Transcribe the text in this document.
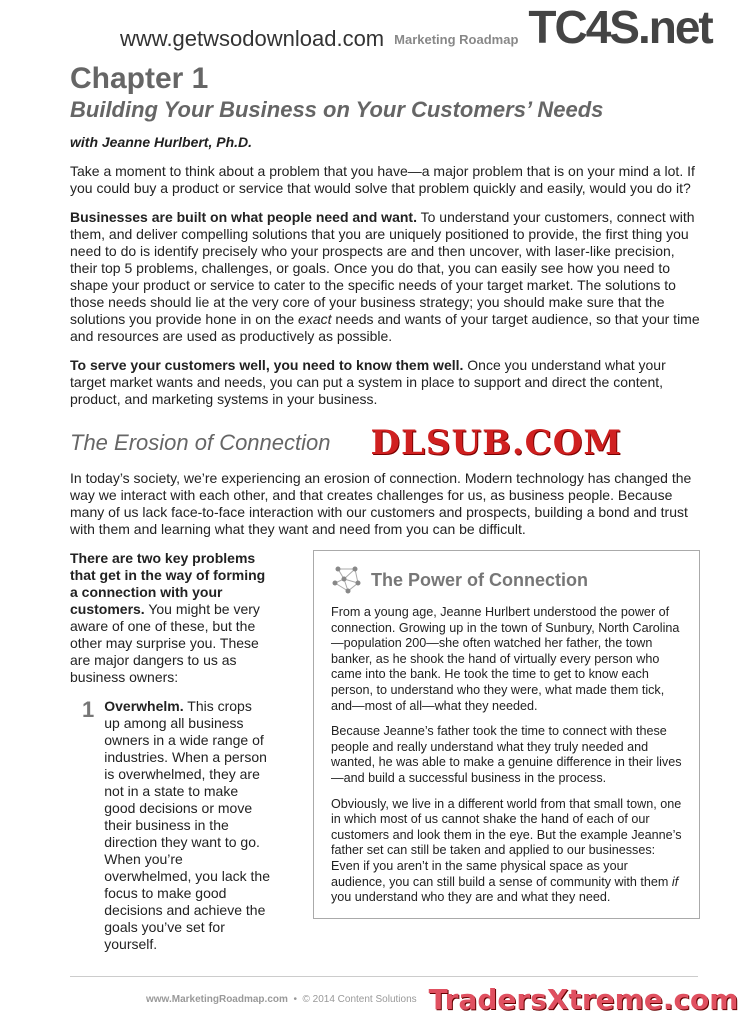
www.getwsodownload.com Marketing Roadmap TC4S.net
Chapter 1
Building Your Business on Your Customers’ Needs
with Jeanne Hurlbert, Ph.D.

Take a moment to think about a problem that you have—a major problem that is on your mind a lot. If you could buy a product or service that would solve that problem quickly and easily, would you do it?

Businesses are built on what people need and want. To understand your customers, connect with them, and deliver compelling solutions that you are uniquely positioned to provide, the first thing you need to do is identify precisely who your prospects are and then uncover, with laser-like precision, their top 5 problems, challenges, or goals. Once you do that, you can easily see how you need to shape your product or service to cater to the specific needs of your target market. The solutions to those needs should lie at the very core of your business strategy; you should make sure that the solutions you provide hone in on the exact needs and wants of your target audience, so that your time and resources are used as productively as possible.

To serve your customers well, you need to know them well. Once you understand what your target market wants and needs, you can put a system in place to support and direct the content, product, and marketing systems in your business.

The Erosion of Connection DLSUB.COM

In today’s society, we’re experiencing an erosion of connection. Modern technology has changed the way we interact with each other, and that creates challenges for us, as business people. Because many of us lack face-to-face interaction with our customers and prospects, building a bond and trust with them and learning what they want and need from you can be difficult.

There are two key problems that get in the way of forming a connection with your customers. You might be very aware of one of these, but the other may surprise you. These are major dangers to us as business owners:

1 Overwhelm. This crops up among all business owners in a wide range of industries. When a person is overwhelmed, they are not in a state to make good decisions or move their business in the direction they want to go. When you’re overwhelmed, you lack the focus to make good decisions and achieve the goals you’ve set for yourself.

The Power of Connection

From a young age, Jeanne Hurlbert understood the power of connection. Growing up in the town of Sunbury, North Carolina—population 200—she often watched her father, the town banker, as he shook the hand of virtually every person who came into the bank. He took the time to get to know each person, to understand who they were, what made them tick, and—most of all—what they needed.

Because Jeanne’s father took the time to connect with these people and really understand what they truly needed and wanted, he was able to make a genuine difference in their lives—and build a successful business in the process.

Obviously, we live in a different world from that small town, one in which most of us cannot shake the hand of each of our customers and look them in the eye. But the example Jeanne’s father set can still be taken and applied to our businesses: Even if you aren’t in the same physical space as your audience, you can still build a sense of community with them if you understand who they are and what they need.

www.MarketingRoadmap.com • © 2014 Content Solutions TradersXtreme.com
